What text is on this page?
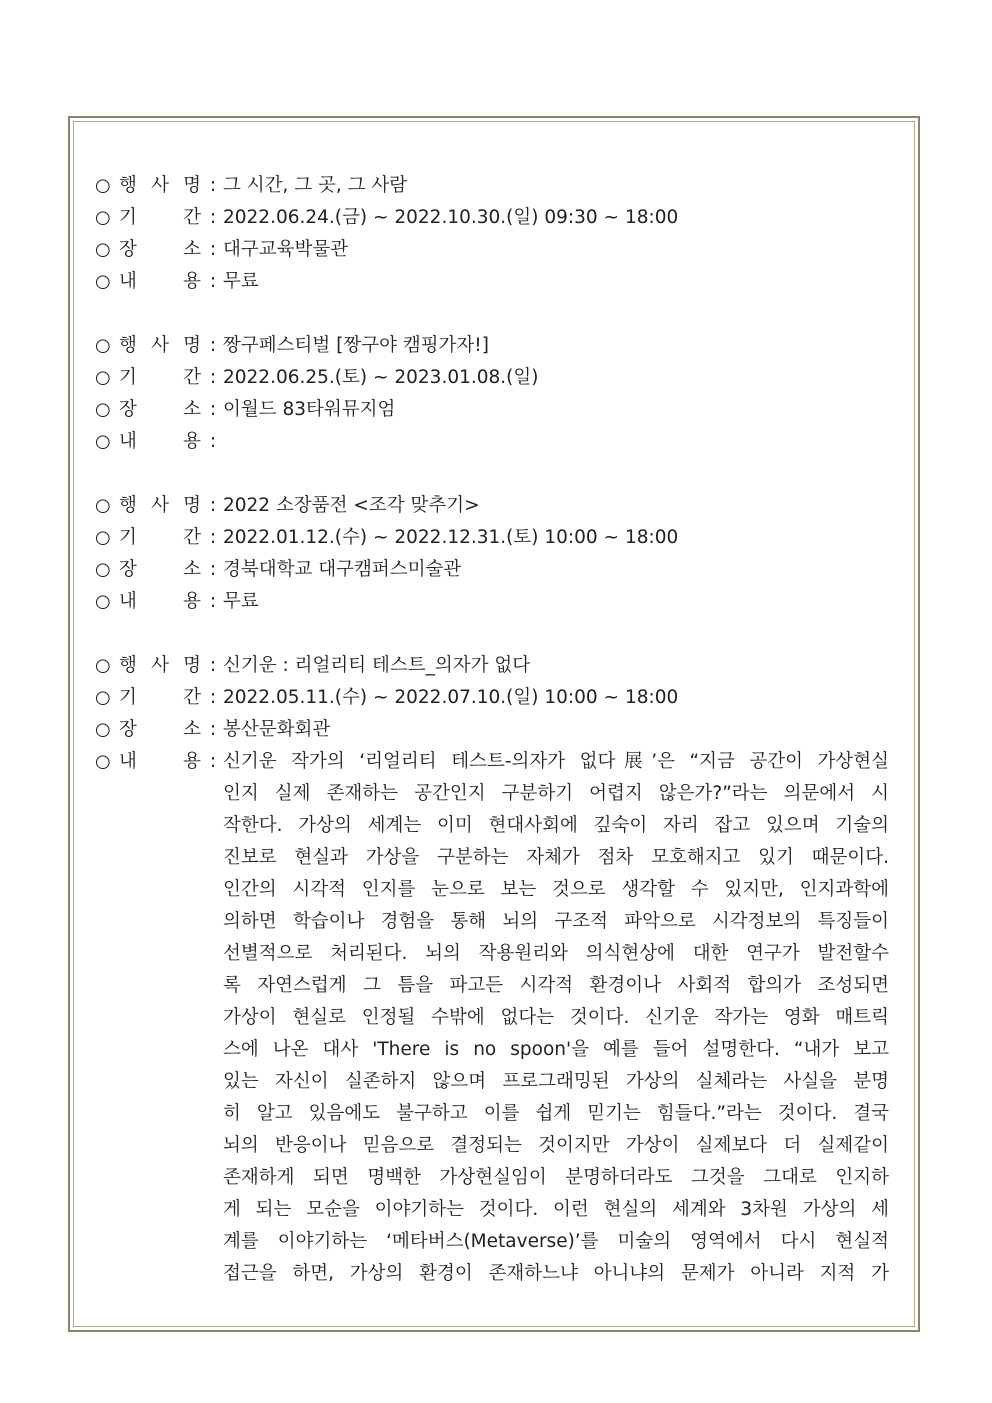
○ 행 사 명 : 그 시간, 그 곳, 그 사람
○ 기	간 : 2022.06.24.(금) ~ 2022.10.30.(일) 09:30 ~ 18:00
○ 장	소 : 대구교육박물관
○ 내	용 : 무료
○ 행 사 명 : 짱구페스티벌 [짱구야 캠핑가자!]
○ 기	간 : 2022.06.25.(토) ~ 2023.01.08.(일)
○ 장	소 : 이월드 83타워뮤지엄
○ 내	용 :
○ 행 사 명 : 2022 소장품전 <조각 맞추기>
○ 기	간 : 2022.01.12.(수) ~ 2022.12.31.(토) 10:00 ~ 18:00
○ 장	소 : 경북대학교 대구캠퍼스미술관
○ 내	용 : 무료
○ 행 사 명 : 신기운 : 리얼리티 테스트_의자가 없다
○ 기	간 : 2022.05.11.(수) ~ 2022.07.10.(일) 10:00 ~ 18:00
○ 장	소 : 봉산문화회관
○ 내	용 : 신기운 작가의 ‘리얼리티 테스트-의자가 없다展’은 “지금 공간이 가상현실
인지 실제 존재하는 공간인지 구분하기 어렵지 않은가?”라는 의문에서 시
작한다. 가상의 세계는 이미 현대사회에 깊숙이 자리 잡고 있으며 기술의
진보로 현실과 가상을 구분하는 자체가 점차 모호해지고 있기 때문이다.
인간의 시각적 인지를 눈으로 보는 것으로 생각할 수 있지만, 인지과학에
의하면 학습이나 경험을 통해 뇌의 구조적 파악으로 시각정보의 특징들이
선별적으로 처리된다. 뇌의 작용원리와 의식현상에 대한 연구가 발전할수
록 자연스럽게 그 틈을 파고든 시각적 환경이나 사회적 합의가 조성되면
가상이 현실로 인정될 수밖에 없다는 것이다. 신기운 작가는 영화 매트릭
스에 나온 대사 'There is no spoon'을 예를 들어 설명한다. “내가 보고
있는 자신이 실존하지 않으며 프로그래밍된 가상의 실체라는 사실을 분명
히 알고 있음에도 불구하고 이를 쉽게 믿기는 힘들다.”라는 것이다. 결국
뇌의 반응이나 믿음으로 결정되는 것이지만 가상이 실제보다 더 실제같이
존재하게 되면 명백한 가상현실임이 분명하더라도 그것을 그대로 인지하
게 되는 모순을 이야기하는 것이다. 이런 현실의 세계와 3차원 가상의 세
계를 이야기하는 ‘메타버스(Metaverse)’를 미술의 영역에서 다시 현실적
접근을 하면, 가상의 환경이 존재하느냐 아니냐의 문제가 아니라 지적 가
